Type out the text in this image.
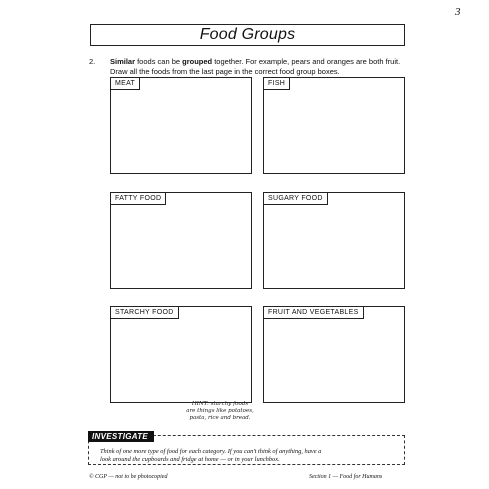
3
Food Groups
2. Similar foods can be grouped together. For example, pears and oranges are both fruit.
Draw all the foods from the last page in the correct food group boxes.
MEAT	FISH
FATTY FOOD	SUGARY FOOD
STARCHY FOOD	FRUIT AND VEGETABLES
HINT: starchy foods
are things like potatoes,
pasta, rice and bread.
INVESTIGATE
Think of one more type of food for each category. If you can't think of anything, have a
look around the cupboards and fridge at home — or in your lunchbox.
© CGP — not to be photocopied	Section 1 — Food for Humans
